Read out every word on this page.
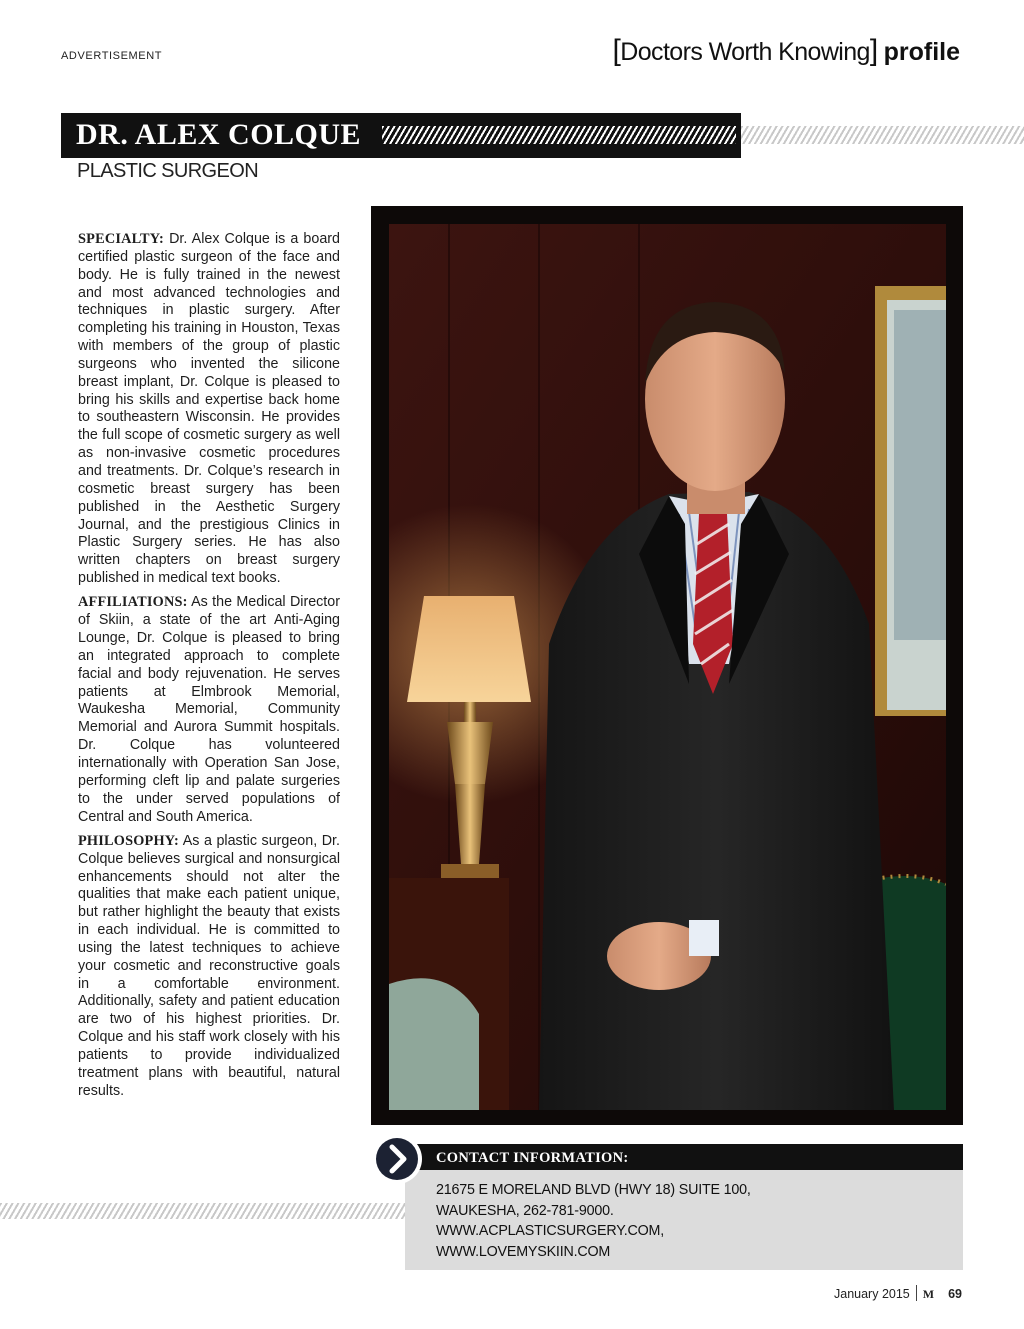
ADVERTISEMENT	[Doctors Worth Knowing] profile
DR. ALEX COLQUE
PLASTIC SURGEON

SPECIALTY: Dr. Alex Colque is a board certified plastic surgeon of the face and body. He is fully trained in the newest and most advanced technologies and techniques in plastic surgery. After completing his training in Houston, Texas with members of the group of plastic surgeons who invented the silicone breast implant, Dr. Colque is pleased to bring his skills and expertise back home to southeastern Wisconsin. He provides the full scope of cosmetic surgery as well as non-invasive cosmetic procedures and treatments. Dr. Colque’s research in cosmetic breast surgery has been published in the Aesthetic Surgery Journal, and the prestigious Clinics in Plastic Surgery series. He has also written chapters on breast surgery published in medical text books.

AFFILIATIONS: As the Medical Director of Skiin, a state of the art Anti-Aging Lounge, Dr. Colque is pleased to bring an integrated approach to complete facial and body rejuvenation. He serves patients at Elmbrook Memorial, Waukesha Memorial, Community Memorial and Aurora Summit hospitals. Dr. Colque has volunteered internationally with Operation San Jose, performing cleft lip and palate surgeries to the under served populations of Central and South America.

PHILOSOPHY: As a plastic surgeon, Dr. Colque believes surgical and nonsurgical enhancements should not alter the qualities that make each patient unique, but rather highlight the beauty that exists in each individual. He is committed to using the latest techniques to achieve your cosmetic and reconstructive goals in a comfortable environment. Additionally, safety and patient education are two of his highest priorities. Dr. Colque and his staff work closely with his patients to provide individualized treatment plans with beautiful, natural results.

CONTACT INFORMATION:
21675 E MORELAND BLVD (HWY 18) SUITE 100,
WAUKESHA, 262-781-9000.
WWW.ACPLASTICSURGERY.COM,
WWW.LOVEMYSKIIN.COM
January 2015 M 69
